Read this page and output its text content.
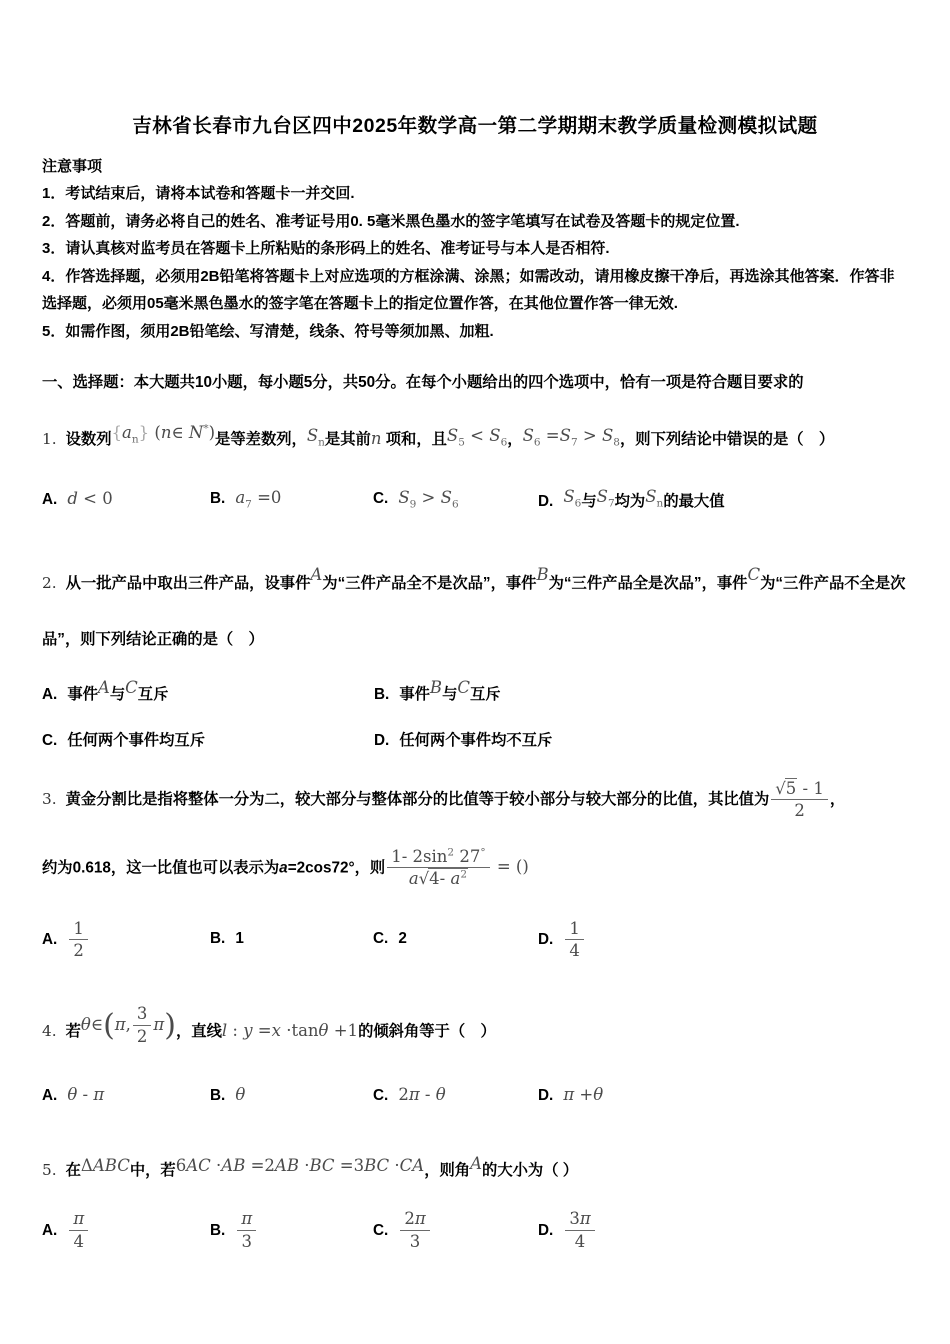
吉林省长春市九台区四中2025年数学高一第二学期期末教学质量检测模拟试题
注意事项
1．考试结束后，请将本试卷和答题卡一并交回.
2．答题前，请务必将自己的姓名、准考证号用0. 5毫米黑色墨水的签字笔填写在试卷及答题卡的规定位置.
3．请认真核对监考员在答题卡上所粘贴的条形码上的姓名、准考证号与本人是否相符.
4．作答选择题，必须用2B铅笔将答题卡上对应选项的方框涂满、涂黑；如需改动，请用橡皮擦干净后，再选涂其他答案．作答非选择题，必须用05毫米黑色墨水的签字笔在答题卡上的指定位置作答，在其他位置作答一律无效.
5．如需作图，须用2B铅笔绘、写清楚，线条、符号等须加黑、加粗.
一、选择题：本大题共10小题，每小题5分，共50分。在每个小题给出的四个选项中，恰有一项是符合题目要求的
1. 设数列$\{a_n\}$ (n∈ N*)是等差数列，$S_n$是其前n 项和，且$S_5 < S_6$，$S_6 =S_7 > S_8$，则下列结论中错误的是（　）
A. d < 0	B. $a_7 =0$	C. $S_9 > S_6$	D. $S_6$与$S_7$均为$S_n$的最大值
2. 从一批产品中取出三件产品，设事件A为“三件产品全不是次品”，事件B为“三件产品全是次品”，事件C为“三件产品不全是次品”，则下列结论正确的是（　）
A. 事件A与C互斥	B. 事件B与C互斥
C. 任何两个事件均互斥	D. 任何两个事件均不互斥
3. 黄金分割比是指将整体一分为二，较大部分与整体部分的比值等于较小部分与较大部分的比值，其比值为 $\frac{√5 - 1}{2}$ ，
约为0.618，这一比值也可以表示为a=2cos72°，则 $\frac{1- 2\sin^2 27^\circ}{a√4- a^2}$ = ()
A. $\frac{1}{2}$	B. 1	C. 2	D. $\frac{1}{4}$
4. 若θ∈(π, $\frac{3}{2} \pi$)，直线l : y =x ·tanθ +1的倾斜角等于（　）
A. θ - π	B. θ	C. 2π - θ	D. π +θ
5. 在ΔABC中，若6AC ·AB =2AB ·BC =3BC ·CA，则角A的大小为（ ）
A. $\frac{\pi}{4}$	B. $\frac{\pi}{3}$	C. $\frac{2\pi}{3}$	D. $\frac{3\pi}{4}$
